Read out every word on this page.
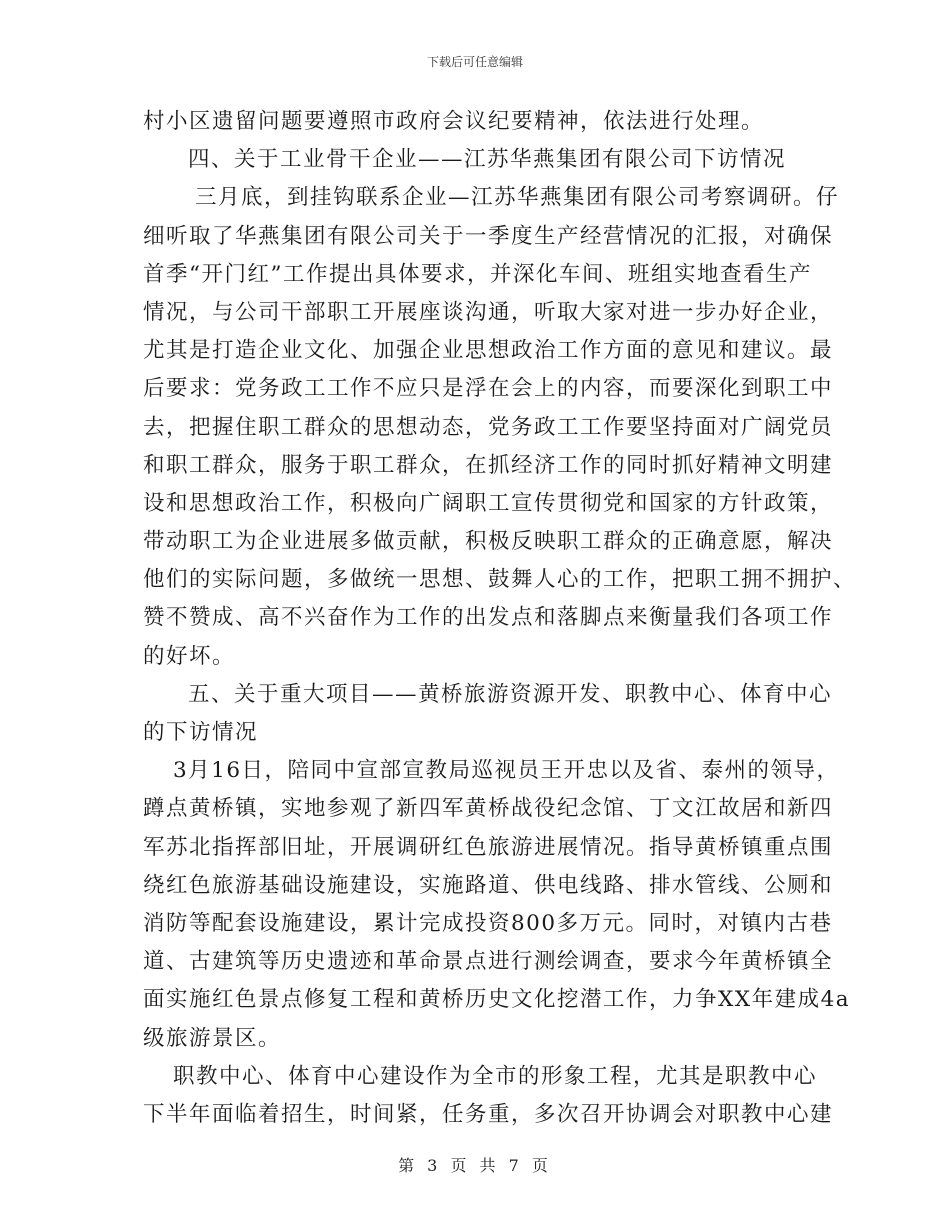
下载后可任意编辑
村小区遗留问题要遵照市政府会议纪要精神，依法进行处理。
四、关于工业骨干企业——江苏华燕集团有限公司下访情况
三月底，到挂钩联系企业—江苏华燕集团有限公司考察调研。仔
细听取了华燕集团有限公司关于一季度生产经营情况的汇报，对确保
首季“开门红”工作提出具体要求，并深化车间、班组实地查看生产
情况，与公司干部职工开展座谈沟通，听取大家对进一步办好企业，
尤其是打造企业文化、加强企业思想政治工作方面的意见和建议。最
后要求：党务政工工作不应只是浮在会上的内容，而要深化到职工中
去，把握住职工群众的思想动态，党务政工工作要坚持面对广阔党员
和职工群众，服务于职工群众，在抓经济工作的同时抓好精神文明建
设和思想政治工作，积极向广阔职工宣传贯彻党和国家的方针政策，
带动职工为企业进展多做贡献，积极反映职工群众的正确意愿，解决
他们的实际问题，多做统一思想、鼓舞人心的工作，把职工拥不拥护、
赞不赞成、高不兴奋作为工作的出发点和落脚点来衡量我们各项工作
的好坏。
五、关于重大项目——黄桥旅游资源开发、职教中心、体育中心
的下访情况
3月16日，陪同中宣部宣教局巡视员王开忠以及省、泰州的领导，
蹲点黄桥镇，实地参观了新四军黄桥战役纪念馆、丁文江故居和新四
军苏北指挥部旧址，开展调研红色旅游进展情况。指导黄桥镇重点围
绕红色旅游基础设施建设，实施路道、供电线路、排水管线、公厕和
消防等配套设施建设，累计完成投资800多万元。同时，对镇内古巷
道、古建筑等历史遗迹和革命景点进行测绘调查，要求今年黄桥镇全
面实施红色景点修复工程和黄桥历史文化挖潜工作，力争XX年建成4a
级旅游景区。
职教中心、体育中心建设作为全市的形象工程，尤其是职教中心
下半年面临着招生，时间紧，任务重，多次召开协调会对职教中心建
第 3 页 共 7 页
